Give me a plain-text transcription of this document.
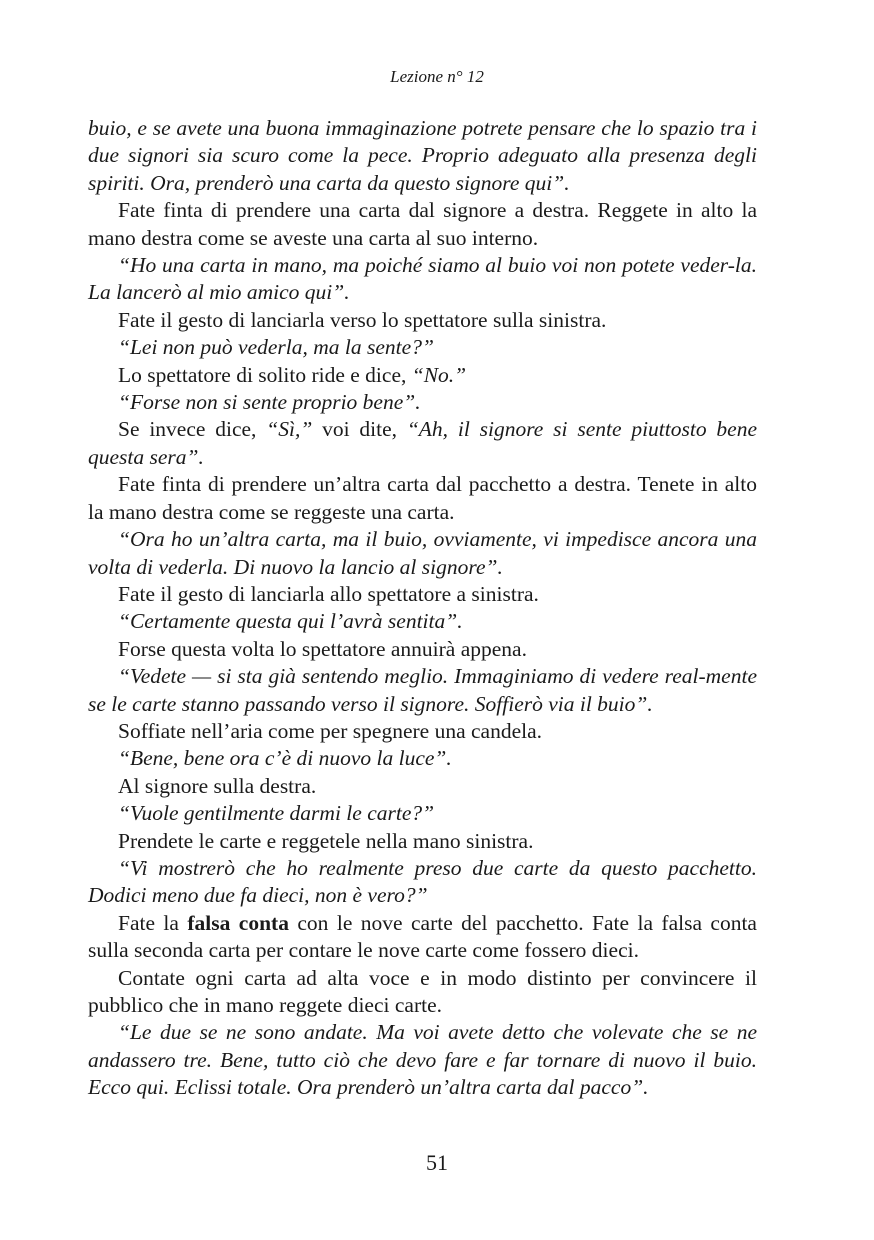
Lezione n° 12

buio, e se avete una buona immaginazione potrete pensare che lo spazio tra i due signori sia scuro come la pece. Proprio adeguato alla presenza degli spiriti. Ora, prenderò una carta da questo signore qui”.

Fate finta di prendere una carta dal signore a destra. Reggete in alto la mano destra come se aveste una carta al suo interno.

“Ho una carta in mano, ma poiché siamo al buio voi non potete veder-la. La lancerò al mio amico qui”.

Fate il gesto di lanciarla verso lo spettatore sulla sinistra.

“Lei non può vederla, ma la sente?”

Lo spettatore di solito ride e dice, “No.”

“Forse non si sente proprio bene”.

Se invece dice, “Sì,” voi dite, “Ah, il signore si sente piuttosto bene questa sera”.

Fate finta di prendere un’altra carta dal pacchetto a destra. Tenete in alto la mano destra come se reggeste una carta.

“Ora ho un’altra carta, ma il buio, ovviamente, vi impedisce ancora una volta di vederla. Di nuovo la lancio al signore”.

Fate il gesto di lanciarla allo spettatore a sinistra.

“Certamente questa qui l’avrà sentita”.

Forse questa volta lo spettatore annuirà appena.

“Vedete — si sta già sentendo meglio. Immaginiamo di vedere real-mente se le carte stanno passando verso il signore. Soffierò via il buio”.

Soffiate nell’aria come per spegnere una candela.

“Bene, bene ora c’è di nuovo la luce”.

Al signore sulla destra.

“Vuole gentilmente darmi le carte?”

Prendete le carte e reggetele nella mano sinistra.

“Vi mostrerò che ho realmente preso due carte da questo pacchetto. Dodici meno due fa dieci, non è vero?”

Fate la falsa conta con le nove carte del pacchetto. Fate la falsa conta sulla seconda carta per contare le nove carte come fossero dieci.

Contate ogni carta ad alta voce e in modo distinto per convincere il pubblico che in mano reggete dieci carte.

“Le due se ne sono andate. Ma voi avete detto che volevate che se ne andassero tre. Bene, tutto ciò che devo fare e far tornare di nuovo il buio. Ecco qui. Eclissi totale. Ora prenderò un’altra carta dal pacco”.

51
